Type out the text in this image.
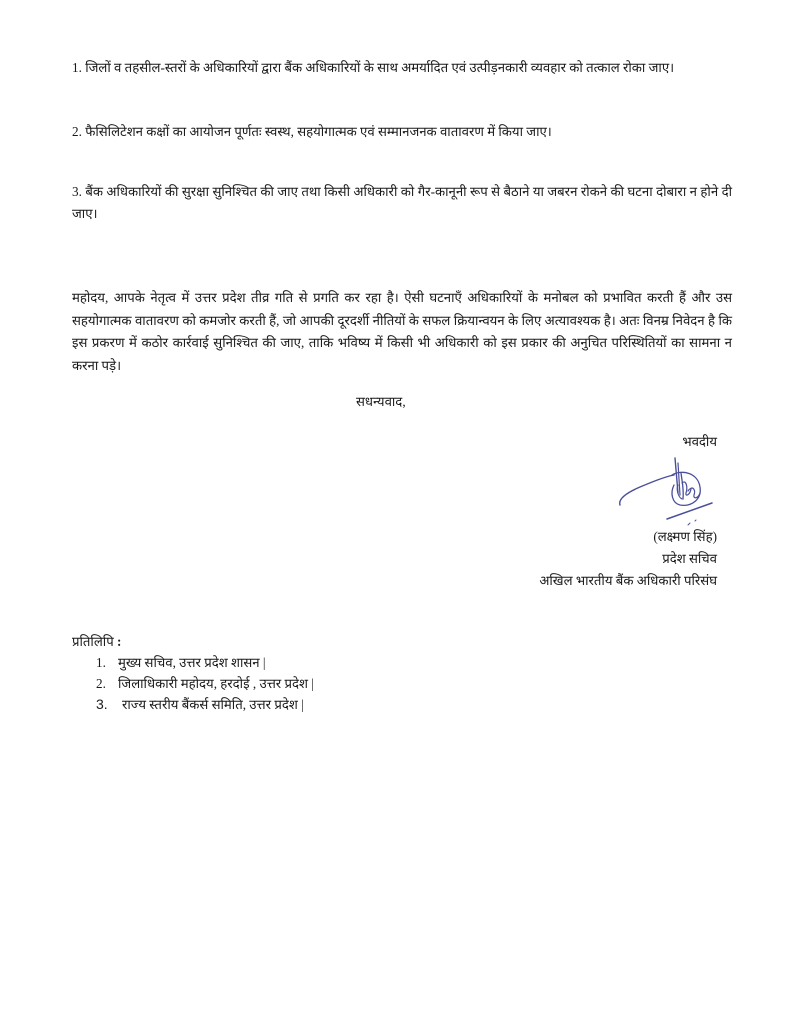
1. जिलों व तहसील-स्तरों के अधिकारियों द्वारा बैंक अधिकारियों के साथ अमर्यादित एवं उत्पीड़नकारी व्यवहार को तत्काल रोका जाए।
2. फैसिलिटेशन कक्षों का आयोजन पूर्णतः स्वस्थ, सहयोगात्मक एवं सम्मानजनक वातावरण में किया जाए।
3. बैंक अधिकारियों की सुरक्षा सुनिश्चित की जाए तथा किसी अधिकारी को गैर-कानूनी रूप से बैठाने या जबरन रोकने की घटना दोबारा न होने दी जाए।
महोदय, आपके नेतृत्व में उत्तर प्रदेश तीव्र गति से प्रगति कर रहा है। ऐसी घटनाएँ अधिकारियों के मनोबल को प्रभावित करती हैं और उस सहयोगात्मक वातावरण को कमजोर करती हैं, जो आपकी दूरदर्शी नीतियों के सफल क्रियान्वयन के लिए अत्यावश्यक है। अतः विनम्र निवेदन है कि इस प्रकरण में कठोर कार्रवाई सुनिश्चित की जाए, ताकि भविष्य में किसी भी अधिकारी को इस प्रकार की अनुचित परिस्थितियों का सामना न करना पड़े।
सधन्यवाद,
भवदीय
(लक्ष्मण सिंह)
प्रदेश सचिव
अखिल भारतीय बैंक अधिकारी परिसंघ
प्रतिलिपि :
1. मुख्य सचिव, उत्तर प्रदेश शासन |
2. जिलाधिकारी महोदय, हरदोई , उत्तर प्रदेश |
3.	राज्य स्तरीय बैंकर्स समिति, उत्तर प्रदेश |
